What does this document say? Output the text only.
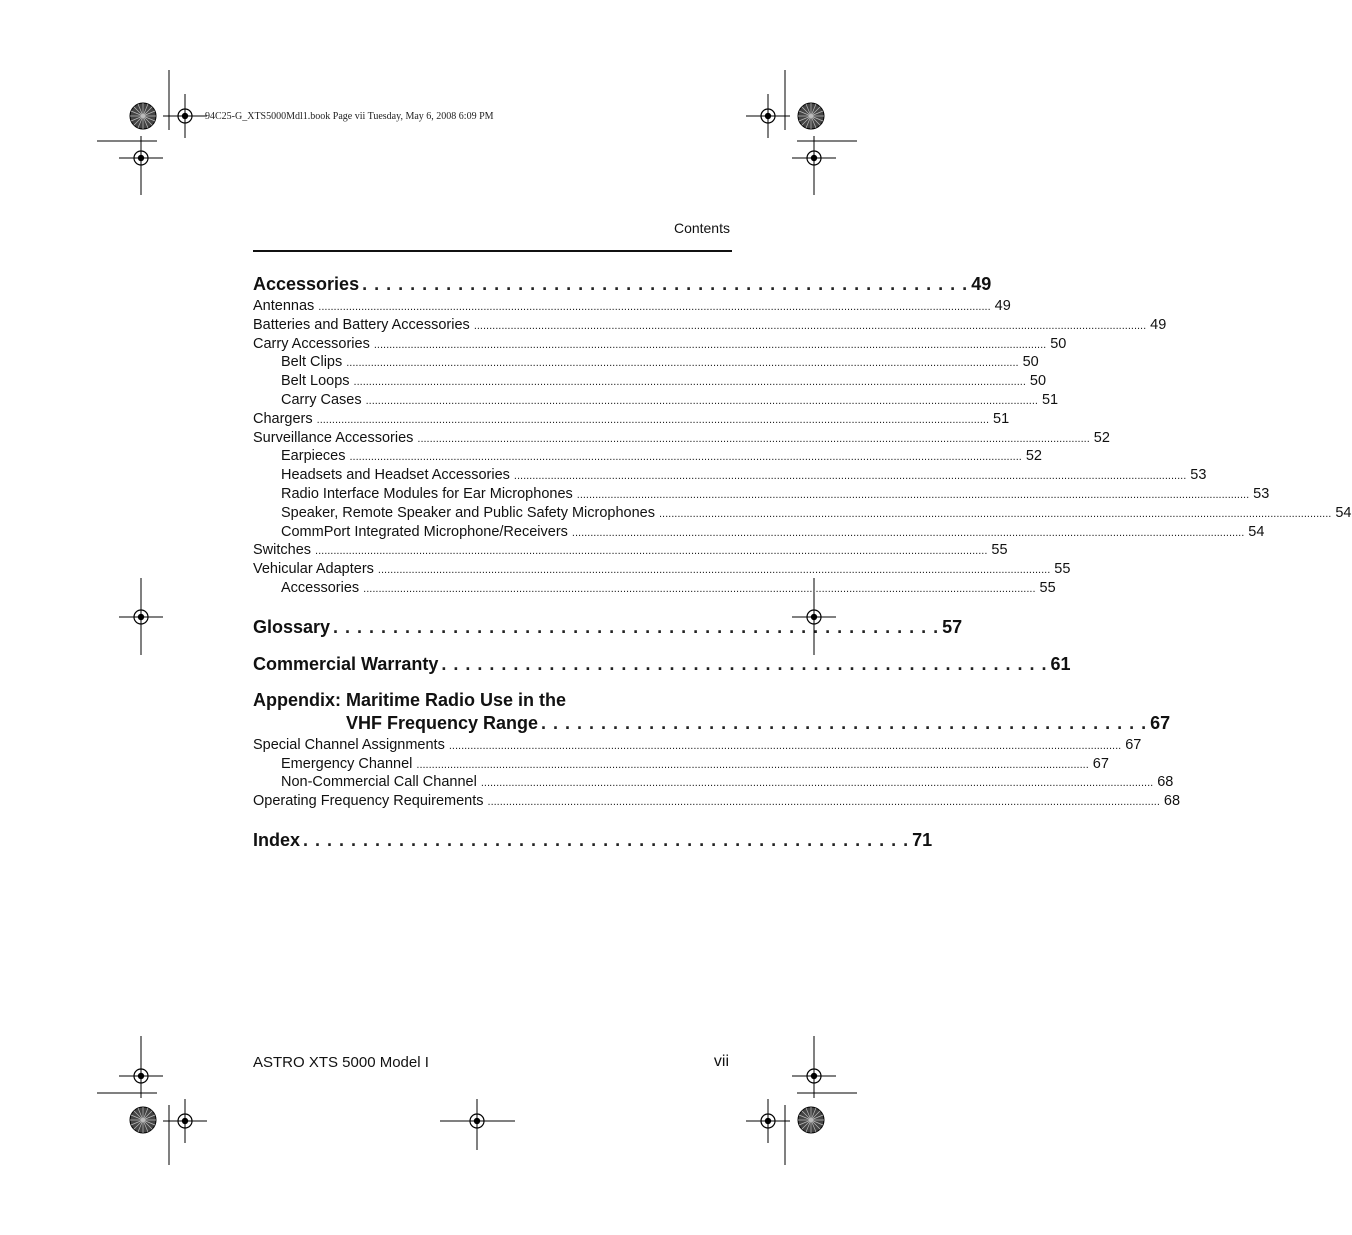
94C25-G_XTS5000Mdl1.book Page vii Tuesday, May 6, 2008 6:09 PM
Contents
Accessories . . . . . . . . . . . . . . . . . . . . . . . . . . . . . . . . . . . . . . . . . . . . . . . . . . . 49
Antennas ............................................................................................................................................................................................................................ 49
Batteries and Battery Accessories ............................................................................................................................................................................................................................ 49
Carry Accessories ............................................................................................................................................................................................................................ 50
Belt Clips ............................................................................................................................................................................................................................ 50
Belt Loops ............................................................................................................................................................................................................................ 50
Carry Cases ............................................................................................................................................................................................................................ 51
Chargers ............................................................................................................................................................................................................................ 51
Surveillance Accessories ............................................................................................................................................................................................................................ 52
Earpieces ............................................................................................................................................................................................................................ 52
Headsets and Headset Accessories ............................................................................................................................................................................................................................ 53
Radio Interface Modules for Ear Microphones ............................................................................................................................................................................................................................ 53
Speaker, Remote Speaker and Public Safety Microphones ............................................................................................................................................................................................................................ 54
CommPort Integrated Microphone/Receivers ............................................................................................................................................................................................................................ 54
Switches ............................................................................................................................................................................................................................ 55
Vehicular Adapters ............................................................................................................................................................................................................................ 55
Accessories ............................................................................................................................................................................................................................ 55
Glossary . . . . . . . . . . . . . . . . . . . . . . . . . . . . . . . . . . . . . . . . . . . . . . . . . . . 57
Commercial Warranty . . . . . . . . . . . . . . . . . . . . . . . . . . . . . . . . . . . . . . . . . . . . . . . . . . . 61
Appendix: Maritime Radio Use in the
VHF Frequency Range . . . . . . . . . . . . . . . . . . . . . . . . . . . . . . . . . . . . . . . . . . . . . . . . . . . 67
Special Channel Assignments ............................................................................................................................................................................................................................ 67
Emergency Channel ............................................................................................................................................................................................................................ 67
Non-Commercial Call Channel ............................................................................................................................................................................................................................ 68
Operating Frequency Requirements ............................................................................................................................................................................................................................ 68
Index . . . . . . . . . . . . . . . . . . . . . . . . . . . . . . . . . . . . . . . . . . . . . . . . . . . 71
ASTRO XTS 5000 Model I	vii
